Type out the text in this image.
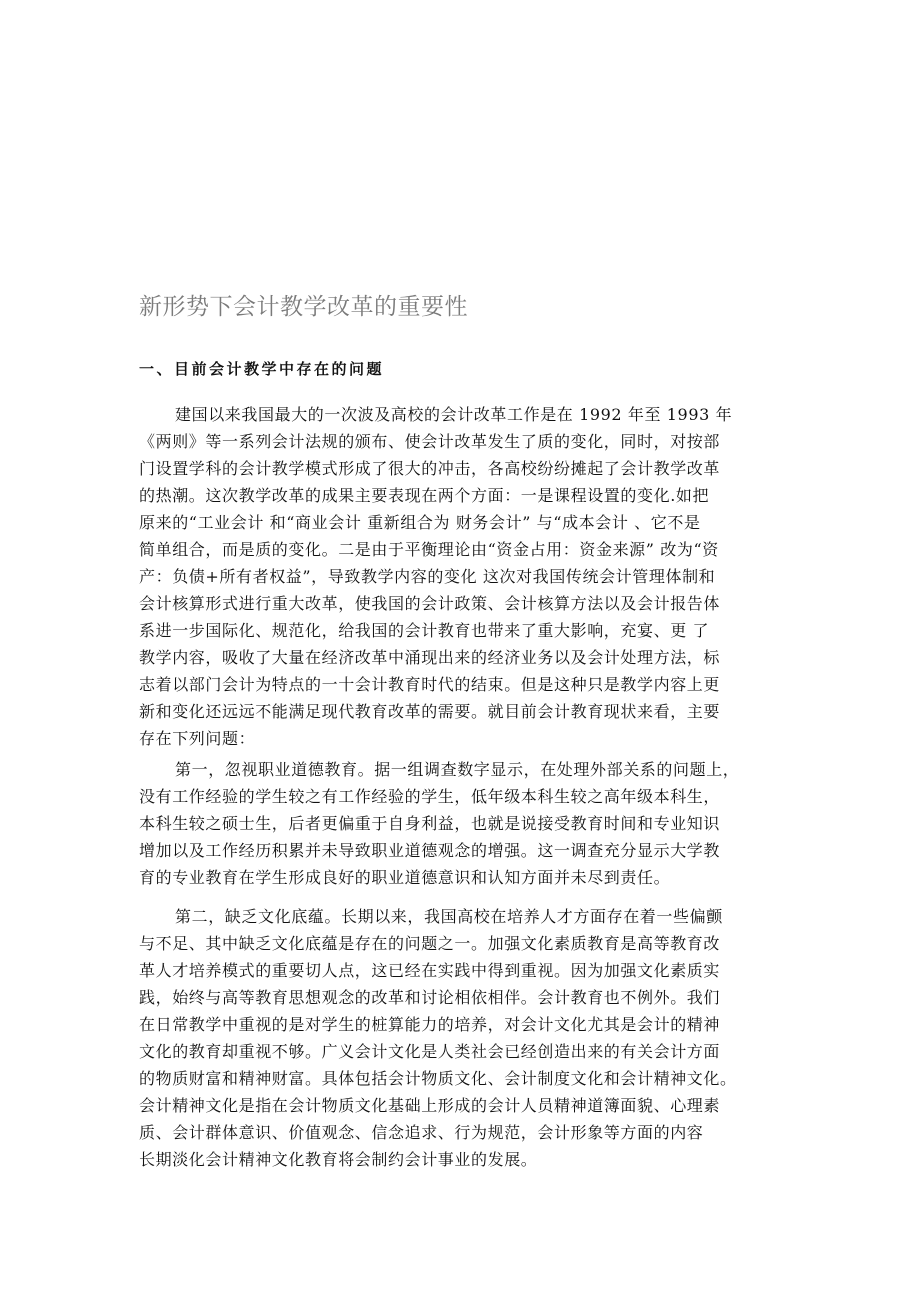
新形势下会计教学改革的重要性
一、目前会计教学中存在的问题
建国以来我国最大的一次波及高校的会计改革工作是在 1992 年至 1993 年
《两则》等一系列会计法规的颁布、使会计改革发生了质的变化，同时，对按部
门设置学科的会计教学模式形成了很大的冲击，各高校纷纷摊起了会计教学改革
的热潮。这次教学改革的成果主要表现在两个方面：一是课程设置的变化.如把
原来的“工业会计 和“商业会计 重新组合为 财务会计” 与“成本会计 、它不是
简单组合，而是质的变化。二是由于平衡理论由“资金占用：资金来源” 改为“资
产：负债+所有者权益”，导致教学内容的变化 这次对我国传统会计管理体制和
会计核算形式进行重大改革，使我国的会计政策、会计核算方法以及会计报告体
系进一步国际化、规范化，给我国的会计教育也带来了重大影响，充宴、更 了
教学内容，吸收了大量在经济改革中涌现出来的经济业务以及会计处理方法，标
志着以部门会计为特点的一十会计教育时代的结束。但是这种只是教学内容上更
新和变化还远远不能满足现代教育改革的需要。就目前会计教育现状来看，主要
存在下列问题：
第一，忽视职业道德教育。据一组调查数字显示，在处理外部关系的问题上，
没有工作经验的学生较之有工作经验的学生，低年级本科生较之高年级本科生，
本科生较之硕士生，后者更偏重于自身利益，也就是说接受教育时间和专业知识
增加以及工作经历积累并未导致职业道德观念的增强。这一调查充分显示大学教
育的专业教育在学生形成良好的职业道德意识和认知方面并未尽到责任。
第二，缺乏文化底蕴。长期以来，我国高校在培养人才方面存在着一些偏颤
与不足、其中缺乏文化底蕴是存在的问题之一。加强文化素质教育是高等教育改
革人才培养模式的重要切人点，这已经在实践中得到重视。因为加强文化素质实
践，始终与高等教育思想观念的改革和讨论相依相伴。会计教育也不例外。我们
在日常教学中重视的是对学生的桩算能力的培养，对会计文化尤其是会计的精神
文化的教育却重视不够。广义会计文化是人类社会已经创造出来的有关会计方面
的物质财富和精神财富。具体包括会计物质文化、会计制度文化和会计精神文化。
会计精神文化是指在会计物质文化基础上形成的会计人员精神道簿面貌、心理素
质、会计群体意识、价值观念、信念追求、行为规范，会计形象等方面的内容
长期淡化会计精神文化教育将会制约会计事业的发展。
